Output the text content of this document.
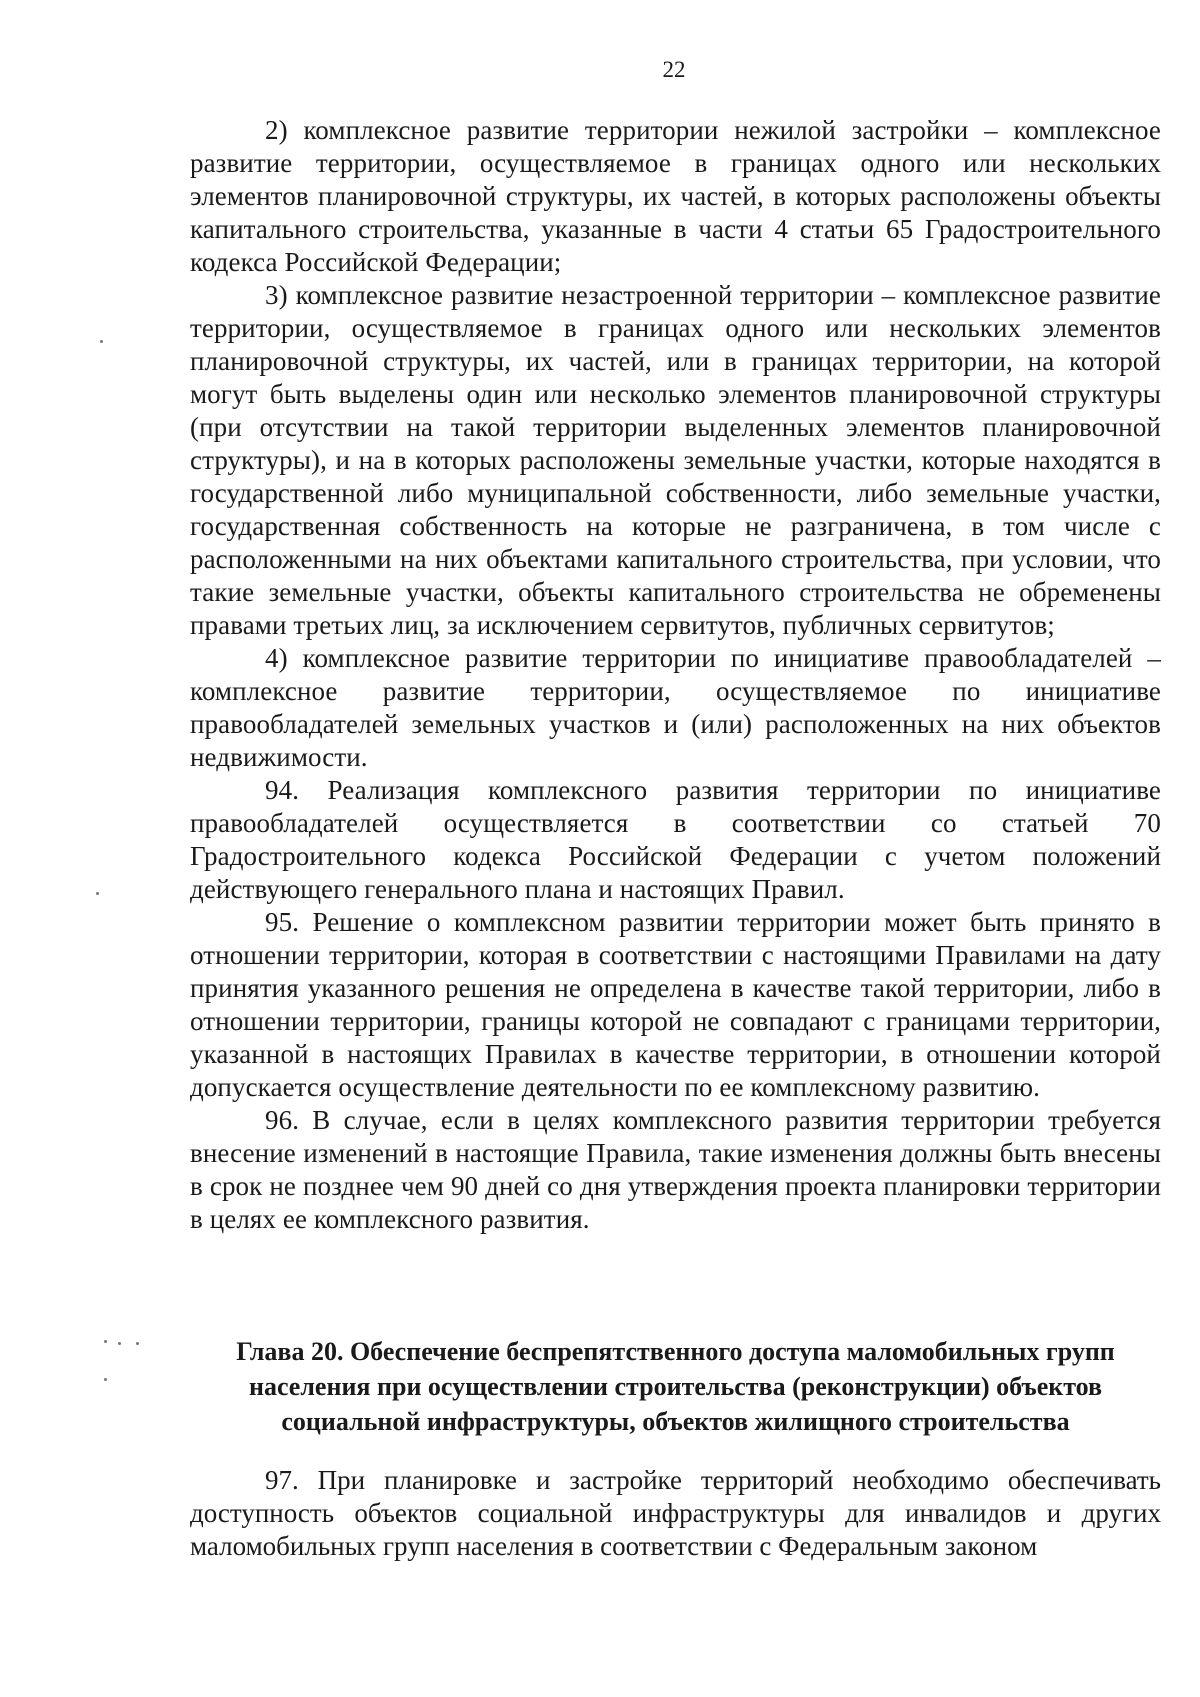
22

2) комплексное развитие территории нежилой застройки – комплексное развитие территории, осуществляемое в границах одного или нескольких элементов планировочной структуры, их частей, в которых расположены объекты капитального строительства, указанные в части 4 статьи 65 Градостроительного кодекса Российской Федерации;

3) комплексное развитие незастроенной территории – комплексное развитие территории, осуществляемое в границах одного или нескольких элементов планировочной структуры, их частей, или в границах территории, на которой могут быть выделены один или несколько элементов планировочной структуры (при отсутствии на такой территории выделенных элементов планировочной структуры), и на в которых расположены земельные участки, которые находятся в государственной либо муниципальной собственности, либо земельные участки, государственная собственность на которые не разграничена, в том числе с расположенными на них объектами капитального строительства, при условии, что такие земельные участки, объекты капитального строительства не обременены правами третьих лиц, за исключением сервитутов, публичных сервитутов;

4) комплексное развитие территории по инициативе правообладателей – комплексное развитие территории, осуществляемое по инициативе правообладателей земельных участков и (или) расположенных на них объектов недвижимости.

94. Реализация комплексного развития территории по инициативе правообладателей осуществляется в соответствии со статьей 70 Градостроительного кодекса Российской Федерации с учетом положений действующего генерального плана и настоящих Правил.

95. Решение о комплексном развитии территории может быть принято в отношении территории, которая в соответствии с настоящими Правилами на дату принятия указанного решения не определена в качестве такой территории, либо в отношении территории, границы которой не совпадают с границами территории, указанной в настоящих Правилах в качестве территории, в отношении которой допускается осуществление деятельности по ее комплексному развитию.

96. В случае, если в целях комплексного развития территории требуется внесение изменений в настоящие Правила, такие изменения должны быть внесены в срок не позднее чем 90 дней со дня утверждения проекта планировки территории в целях ее комплексного развития.

Глава 20. Обеспечение беспрепятственного доступа маломобильных групп населения при осуществлении строительства (реконструкции) объектов социальной инфраструктуры, объектов жилищного строительства

97. При планировке и застройке территорий необходимо обеспечивать доступность объектов социальной инфраструктуры для инвалидов и других маломобильных групп населения в соответствии с Федеральным законом
